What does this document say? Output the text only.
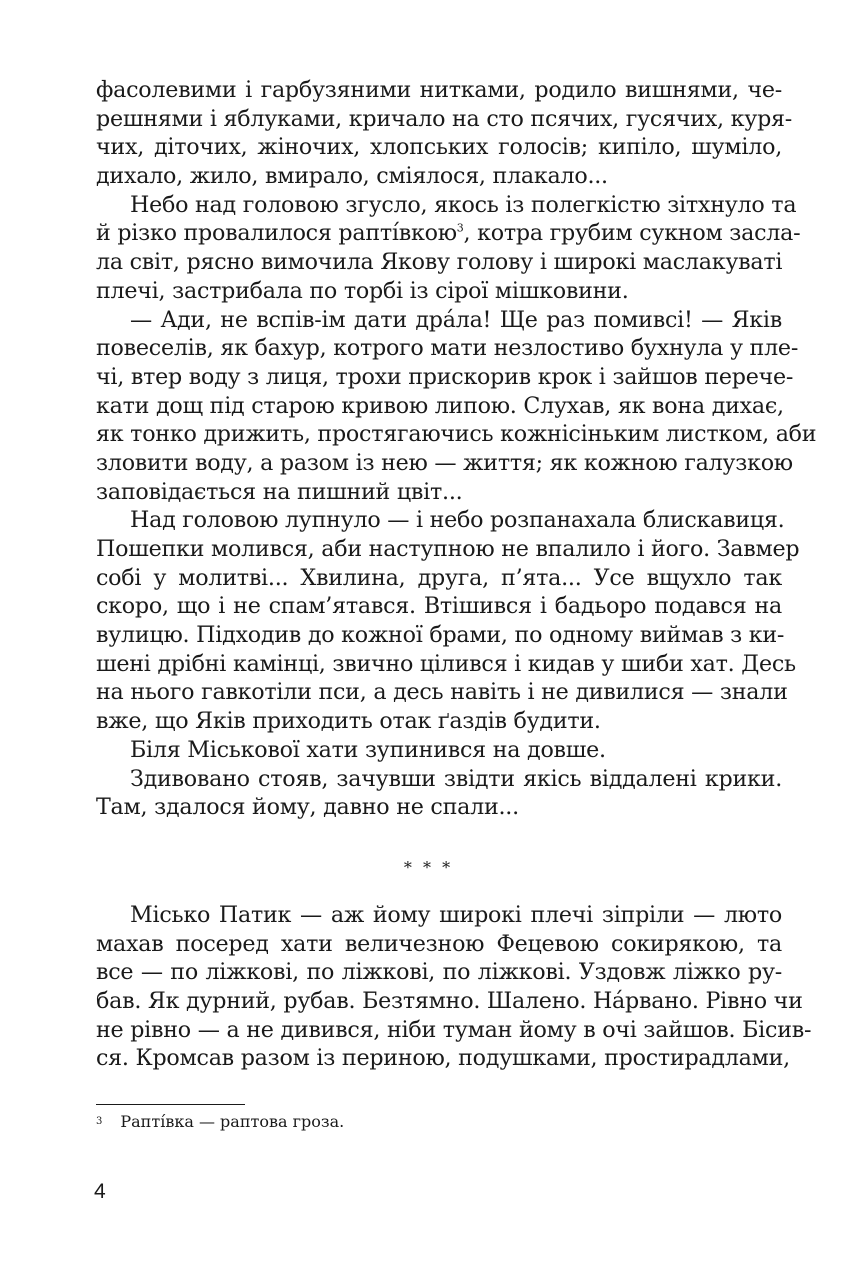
фасолевими і гарбузяними нитками, родило вишнями, че-
решнями і яблуками, кричало на сто псячих, гусячих, куря-
чих, діточих, жіночих, хлопських голосів; кипіло, шуміло,
дихало, жило, вмирало, сміялося, плакало...
Небо над головою згусло, якось із полегкістю зітхнуло та
й різко провалилося рапті́вкою$^3$, котра грубим сукном засла-
ла світ, рясно вимочила Якову голову і широкі маслакуваті
плечі, застрибала по торбі із сірої мішковини.
— Ади, не вспів-ім дати дра́ла! Ще раз помивсі! — Яків
повеселів, як бахур, котрого мати незлостиво бухнула у пле-
чі, втер воду з лиця, трохи прискорив крок і зайшов перече-
кати дощ під старою кривою липою. Слухав, як вона дихає,
як тонко дрижить, простягаючись кожнісіньким листком, аби
зловити воду, а разом із нею — життя; як кожною галузкою
заповідається на пишний цвіт...
Над головою лупнуло — і небо розпанахала блискавиця.
Пошепки молився, аби наступною не впалило і його. Завмер
собі у молитві... Хвилина, друга, п’ята... Усе вщухло так
скоро, що і не спам’ятався. Втішився і бадьоро подався на
вулицю. Підходив до кожної брами, по одному виймав з ки-
шені дрібні камінці, звично цілився і кидав у шиби хат. Десь
на нього гавкотіли пси, а десь навіть і не дивилися — знали
вже, що Яків приходить отак ґаздів будити.
Біля Міськової хати зупинився на довше.
Здивовано стояв, зачувши звідти якісь віддалені крики.
Там, здалося йому, давно не спали...
* * *
Місько Патик — аж йому широкі плечі зіпріли — люто
махав посеред хати величезною Фецевою сокирякою, та
все — по ліжкові, по ліжкові, по ліжкові. Уздовж ліжко ру-
бав. Як дурний, рубав. Безтямно. Шалено. На́рвано. Рівно чи
не рівно — а не дивився, ніби туман йому в очі зайшов. Бісив-
ся. Кромсав разом із периною, подушками, простирадлами,
$^3$ Рапті́вка — раптова гроза.
4
